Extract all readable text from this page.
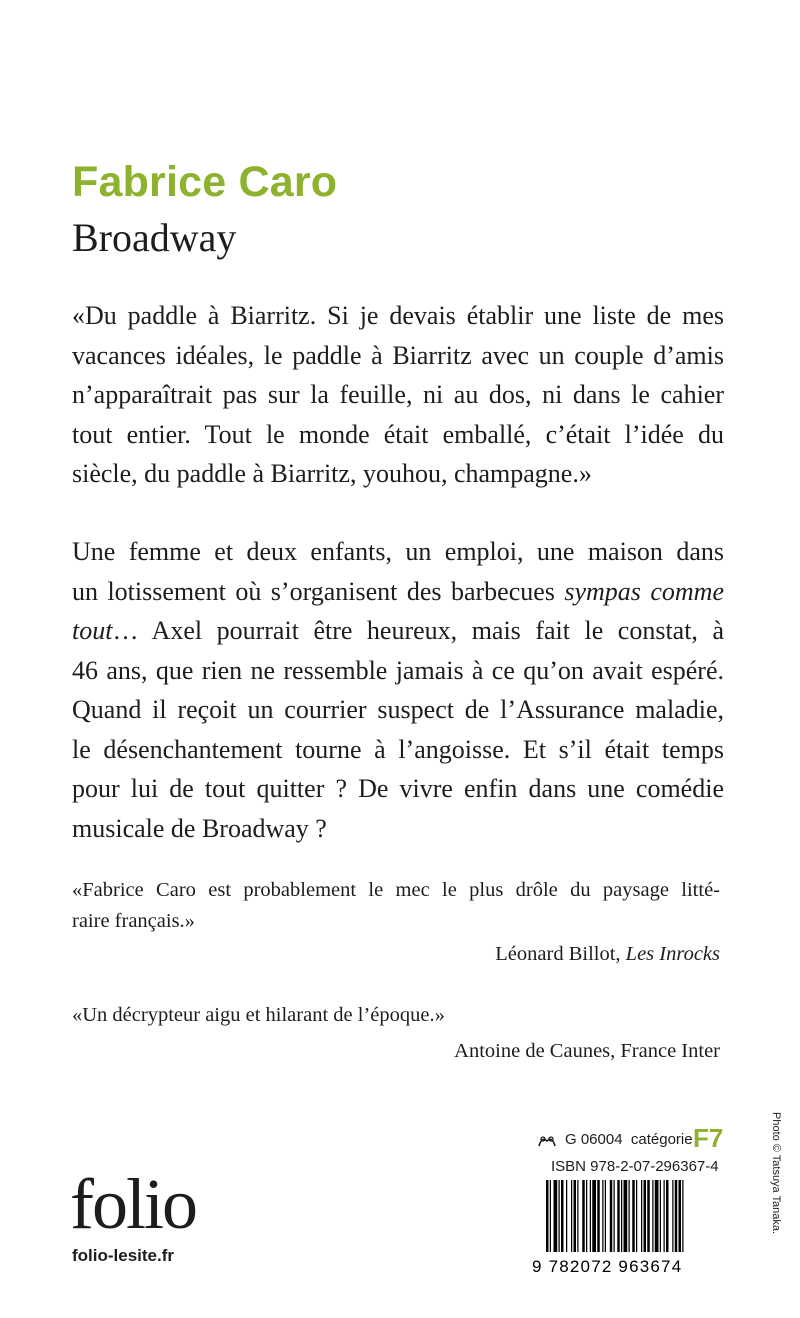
Fabrice Caro
Broadway
«Du paddle à Biarritz. Si je devais établir une liste de mes
vacances idéales, le paddle à Biarritz avec un couple d’amis
n’apparaîtrait pas sur la feuille, ni au dos, ni dans le cahier
tout entier. Tout le monde était emballé, c’était l’idée du
siècle, du paddle à Biarritz, youhou, champagne.»
Une femme et deux enfants, un emploi, une maison dans
un lotissement où s’organisent des barbecues sympas comme
tout… Axel pourrait être heureux, mais fait le constat, à
46 ans, que rien ne ressemble jamais à ce qu’on avait espéré.
Quand il reçoit un courrier suspect de l’Assurance maladie,
le désenchantement tourne à l’angoisse. Et s’il était temps
pour lui de tout quitter ? De vivre enfin dans une comédie
musicale de Broadway ?
«Fabrice Caro est probablement le mec le plus drôle du paysage litté-
raire français.»
Léonard Billot, Les Inrocks
«Un décrypteur aigu et hilarant de l’époque.»
Antoine de Caunes, France Inter
G 06004 catégorie F7
ISBN 978-2-07-296367-4
9 782072 963674
folio
folio-lesite.fr
Photo © Tatsuya Tanaka.
